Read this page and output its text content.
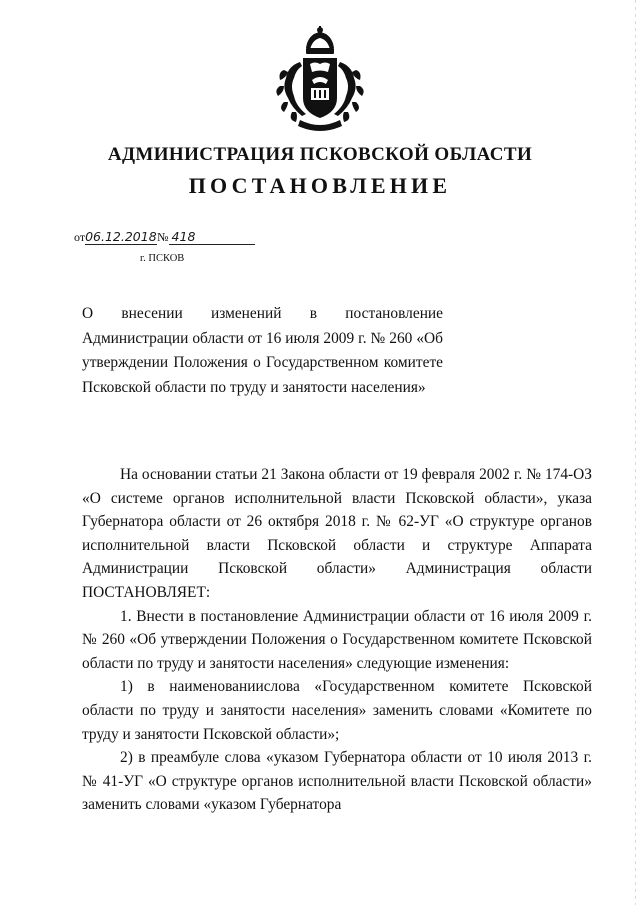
АДМИНИСТРАЦИЯ ПСКОВСКОЙ ОБЛАСТИ
ПОСТАНОВЛЕНИЕ
от06.12.2018№ 418
г. ПСКОВ
О внесении изменений в постановление Администрации области от 16 июля 2009 г. № 260 «Об утверждении Положения о Государственном комитете Псковской области по труду и занятости населения»

На основании статьи 21 Закона области от 19 февраля 2002 г. № 174-ОЗ «О системе органов исполнительной власти Псковской области», указа Губернатора области от 26 октября 2018 г. № 62-УГ «О структуре органов исполнительной власти Псковской области и структуре Аппарата Администрации Псковской области» Администрация области ПОСТАНОВЛЯЕТ:

1. Внести в постановление Администрации области от 16 июля 2009 г. № 260 «Об утверждении Положения о Государственном комитете Псковской области по труду и занятости населения» следующие изменения:

1) в наименованиислова «Государственном комитете Псковской области по труду и занятости населения» заменить словами «Комитете по труду и занятости Псковской области»;

2) в преамбуле слова «указом Губернатора области от 10 июля 2013 г. № 41-УГ «О структуре органов исполнительной власти Псковской области» заменить словами «указом Губернатора
